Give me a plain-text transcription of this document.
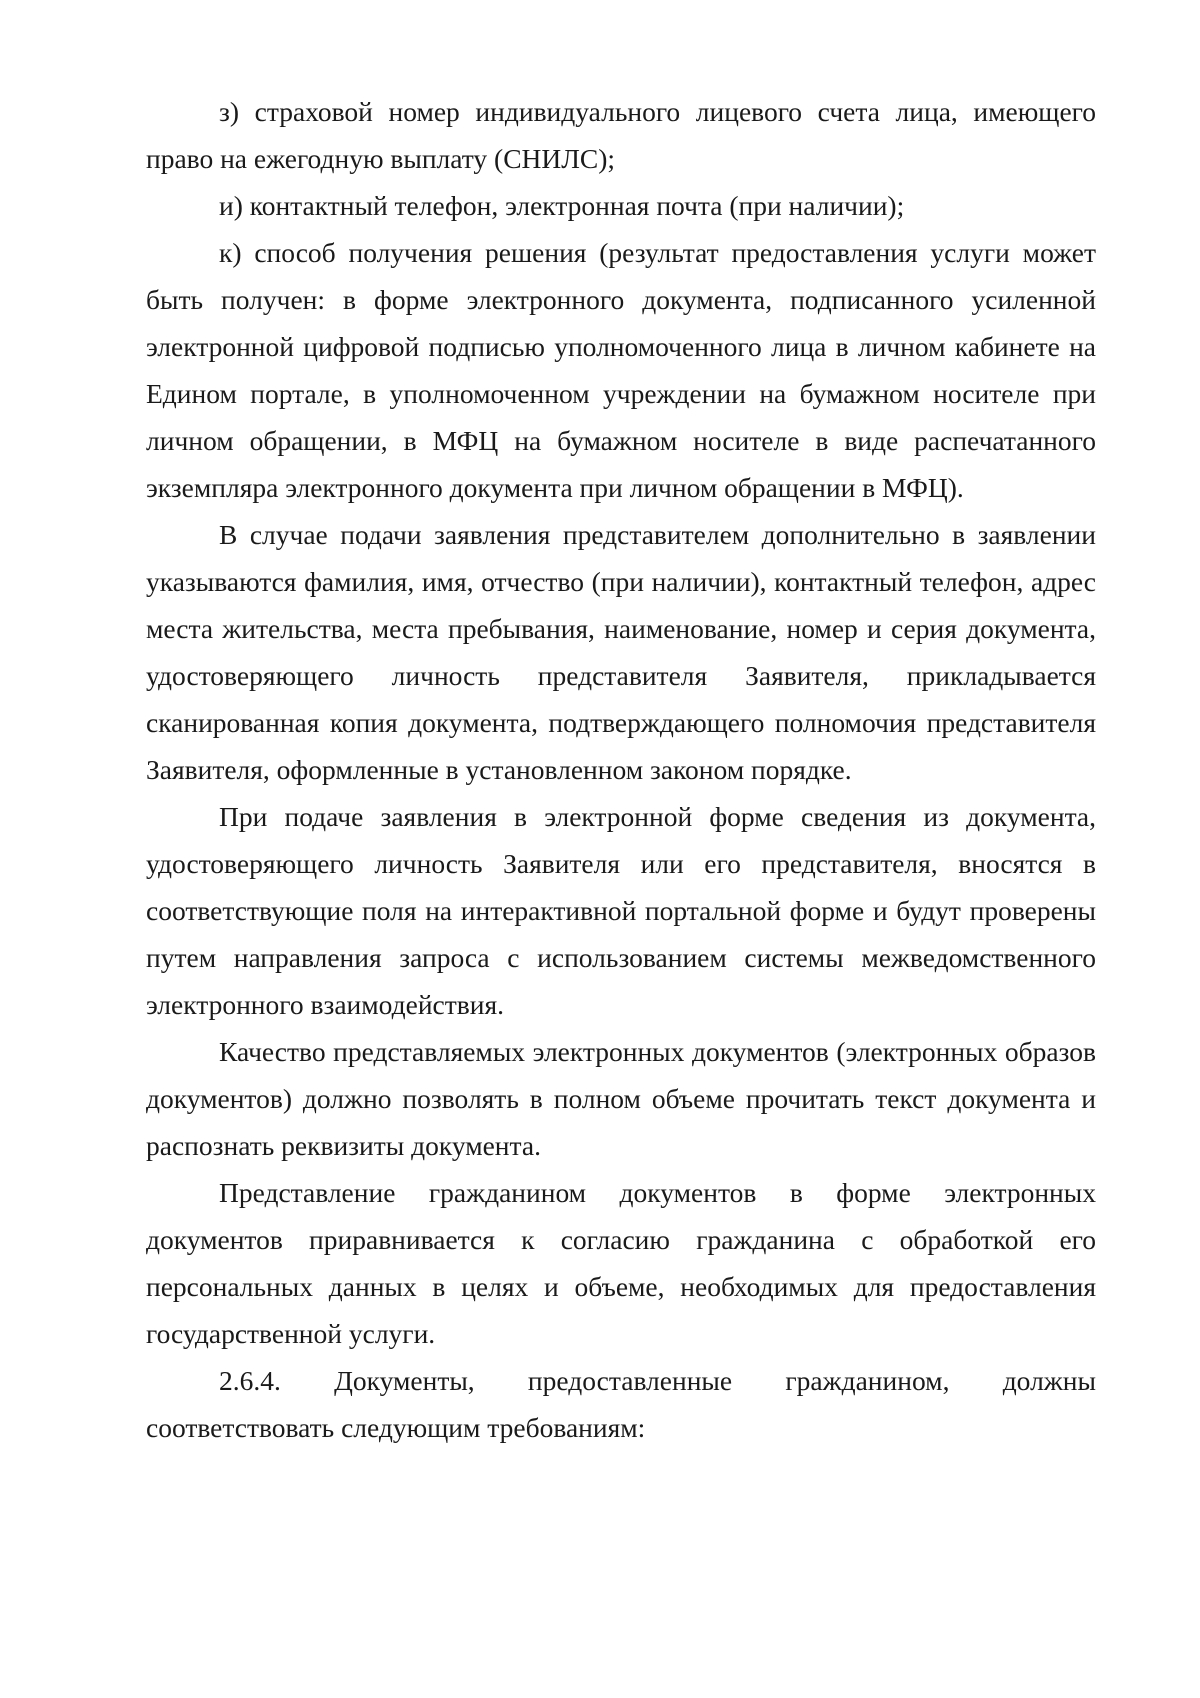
з) страховой номер индивидуального лицевого счета лица, имеющего право на ежегодную выплату (СНИЛС);

и) контактный телефон, электронная почта (при наличии);

к) способ получения решения (результат предоставления услуги может быть получен: в форме электронного документа, подписанного усиленной электронной цифровой подписью уполномоченного лица в личном кабинете на Едином портале, в уполномоченном учреждении на бумажном носителе при личном обращении, в МФЦ на бумажном носителе в виде распечатанного экземпляра электронного документа при личном обращении в МФЦ).

В случае подачи заявления представителем дополнительно в заявлении указываются фамилия, имя, отчество (при наличии), контактный телефон, адрес места жительства, места пребывания, наименование, номер и серия документа, удостоверяющего личность представителя Заявителя, прикладывается сканированная копия документа, подтверждающего полномочия представителя Заявителя, оформленные в установленном законом порядке.

При подаче заявления в электронной форме сведения из документа, удостоверяющего личность Заявителя или его представителя, вносятся в соответствующие поля на интерактивной портальной форме и будут проверены путем направления запроса с использованием системы межведомственного электронного взаимодействия.

Качество представляемых электронных документов (электронных образов документов) должно позволять в полном объеме прочитать текст документа и распознать реквизиты документа.

Представление гражданином документов в форме электронных документов приравнивается к согласию гражданина с обработкой его персональных данных в целях и объеме, необходимых для предоставления государственной услуги.

2.6.4. Документы, предоставленные гражданином, должны соответствовать следующим требованиям:
